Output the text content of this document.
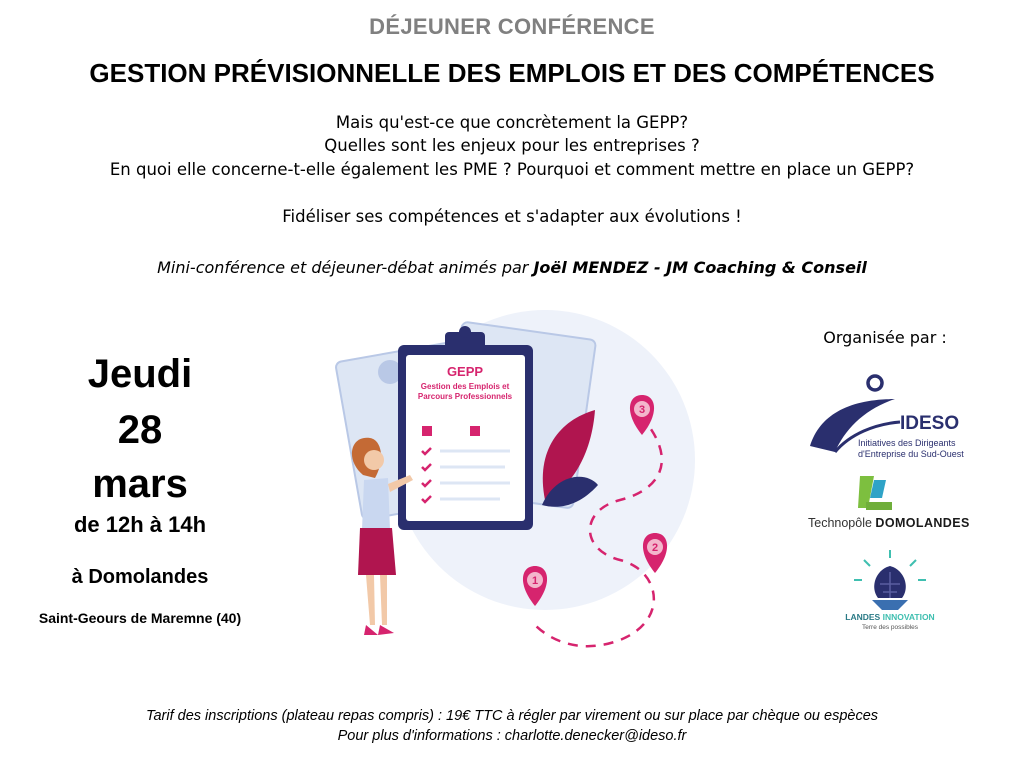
DÉJEUNER CONFÉRENCE
GESTION PRÉVISIONNELLE DES EMPLOIS ET DES COMPÉTENCES
Mais qu'est-ce que concrètement la GEPP?
Quelles sont les enjeux pour les entreprises ?
En quoi elle concerne-t-elle également les PME ? Pourquoi et comment mettre en place un GEPP?
Fidéliser ses compétences et s'adapter aux évolutions !
Mini-conférence et déjeuner-débat animés par Joël MENDEZ - JM Coaching & Conseil
Jeudi
28
mars
de 12h à 14h
à Domolandes
Saint-Geours de Maremne (40)
GEPP
Gestion des Emplois et
Parcours Professionnels
3
2
1
Organisée par :
IDESO
Initiatives des Dirigeants
d'Entreprise du Sud-Ouest
Technopôle DOMOLANDES
LANDES INNOVATION
Terre des possibles
Tarif des inscriptions (plateau repas compris) : 19€ TTC à régler par virement ou sur place par chèque ou espèces
Pour plus d'informations : charlotte.denecker@ideso.fr
